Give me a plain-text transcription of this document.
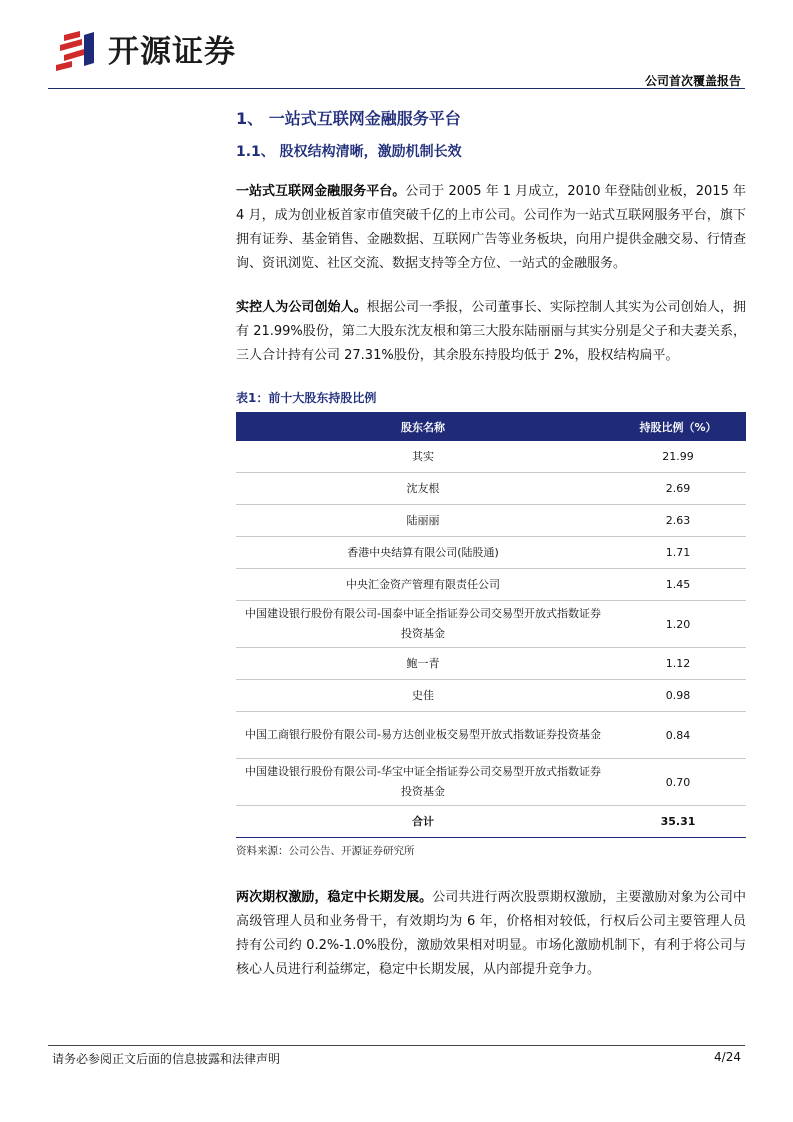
开源证券
公司首次覆盖报告
1、 一站式互联网金融服务平台
1.1、 股权结构清晰，激励机制长效

一站式互联网金融服务平台。公司于 2005 年 1 月成立，2010 年登陆创业板，2015 年 4 月，成为创业板首家市值突破千亿的上市公司。公司作为一站式互联网服务平台，旗下拥有证券、基金销售、金融数据、互联网广告等业务板块，向用户提供金融交易、行情查询、资讯浏览、社区交流、数据支持等全方位、一站式的金融服务。

实控人为公司创始人。根据公司一季报，公司董事长、实际控制人其实为公司创始人，拥有 21.99%股份，第二大股东沈友根和第三大股东陆丽丽与其实分别是父子和夫妻关系，三人合计持有公司 27.31%股份，其余股东持股均低于 2%，股权结构扁平。

表1：前十大股东持股比例
股东名称	持股比例（%）
其实	21.99
沈友根	2.69
陆丽丽	2.63
香港中央结算有限公司(陆股通)	1.71
中央汇金资产管理有限责任公司	1.45
中国建设银行股份有限公司-国泰中证全指证券公司交易型开放式指数证券投资基金	1.20
鲍一青	1.12
史佳	0.98
中国工商银行股份有限公司-易方达创业板交易型开放式指数证券投资基金	0.84
中国建设银行股份有限公司-华宝中证全指证券公司交易型开放式指数证券投资基金	0.70
合计	35.31
资料来源：公司公告、开源证券研究所

两次期权激励，稳定中长期发展。公司共进行两次股票期权激励，主要激励对象为公司中高级管理人员和业务骨干，有效期均为 6 年，价格相对较低，行权后公司主要管理人员持有公司约 0.2%-1.0%股份，激励效果相对明显。市场化激励机制下，有利于将公司与核心人员进行利益绑定，稳定中长期发展，从内部提升竞争力。

请务必参阅正文后面的信息披露和法律声明	4/24
